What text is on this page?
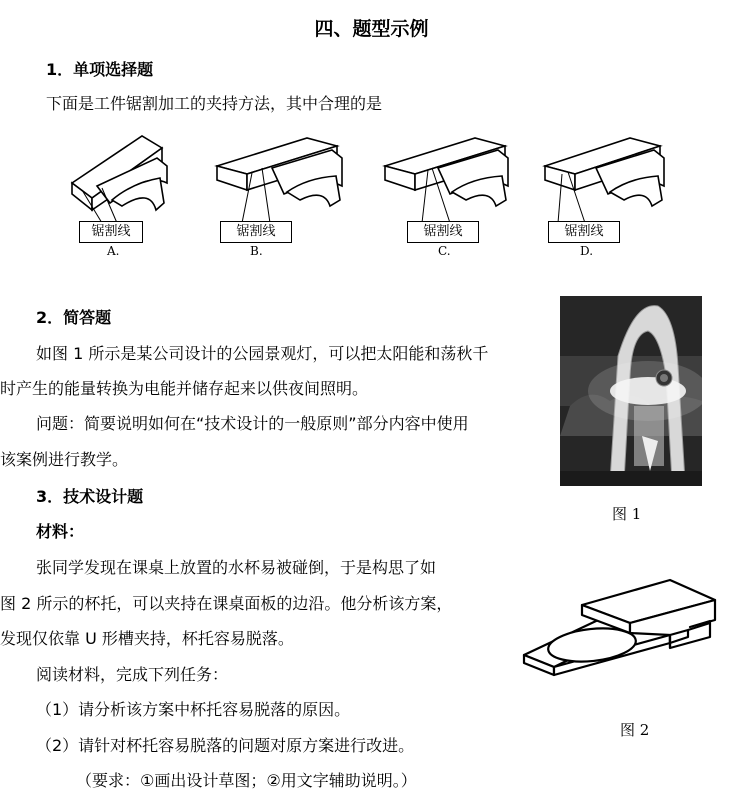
四、题型示例
1．单项选择题
下面是工件锯割加工的夹持方法，其中合理的是
锯割线
A.
锯割线
B.
锯割线
C.
锯割线
D.
2．简答题
如图 1 所示是某公司设计的公园景观灯，可以把太阳能和荡秋千
时产生的能量转换为电能并储存起来以供夜间照明。
问题：简要说明如何在“技术设计的一般原则”部分内容中使用
该案例进行教学。
图 1
3．技术设计题
材料：
张同学发现在课桌上放置的水杯易被碰倒，于是构思了如
图 2 所示的杯托，可以夹持在课桌面板的边沿。他分析该方案，
发现仅依靠 U 形槽夹持，杯托容易脱落。
阅读材料，完成下列任务：
（1）请分析该方案中杯托容易脱落的原因。
（2）请针对杯托容易脱落的问题对原方案进行改进。
（要求：①画出设计草图；②用文字辅助说明。）
图 2
